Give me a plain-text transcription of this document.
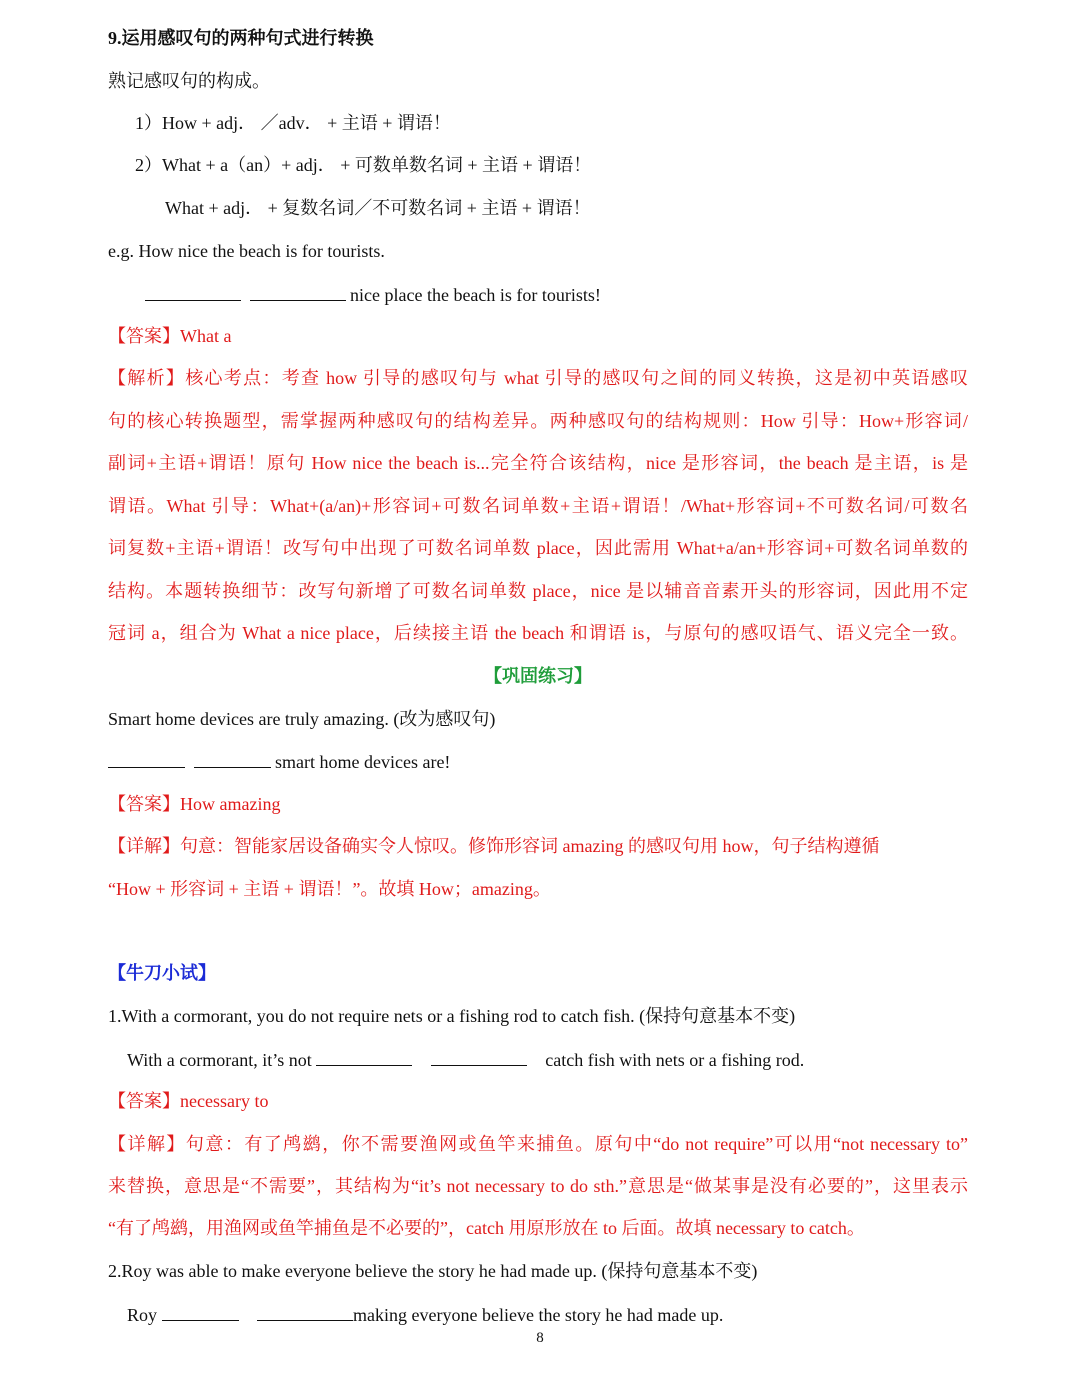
9.运用感叹句的两种句式进行转换
熟记感叹句的构成。
1）How + adj． ／adv． + 主语 + 谓语！
2）What + a（an）+ adj． + 可数单数名词 + 主语 + 谓语！
What + adj． + 复数名词／不可数名词 + 主语 + 谓语！
e.g. How nice the beach is for tourists.
nice place the beach is for tourists!
【答案】What a
【解析】核心考点：考查 how 引导的感叹句与 what 引导的感叹句之间的同义转换，这是初中英语感叹
句的核心转换题型，需掌握两种感叹句的结构差异。两种感叹句的结构规则：How 引导：How+形容词/
副词+主语+谓语！原句 How nice the beach is...完全符合该结构，nice 是形容词，the beach 是主语，is 是
谓语。What 引导：What+(a/an)+形容词+可数名词单数+主语+谓语！/What+形容词+不可数名词/可数名
词复数+主语+谓语！改写句中出现了可数名词单数 place，因此需用 What+a/an+形容词+可数名词单数的
结构。本题转换细节：改写句新增了可数名词单数 place，nice 是以辅音音素开头的形容词，因此用不定
冠词 a，组合为 What a nice place，后续接主语 the beach 和谓语 is，与原句的感叹语气、语义完全一致。
【巩固练习】
Smart home devices are truly amazing. (改为感叹句)
smart home devices are!
【答案】How amazing
【详解】句意：智能家居设备确实令人惊叹。修饰形容词 amazing 的感叹句用 how，句子结构遵循
“How + 形容词 + 主语 + 谓语！”。故填 How；amazing。
【牛刀小试】
1.With a cormorant, you do not require nets or a fishing rod to catch fish. (保持句意基本不变)
With a cormorant, it’s not	catch fish with nets or a fishing rod.
【答案】necessary to
【详解】句意：有了鸬鹚，你不需要渔网或鱼竿来捕鱼。原句中“do not require”可以用“not necessary to”
来替换，意思是“不需要”，其结构为“it’s not necessary to do sth.”意思是“做某事是没有必要的”，这里表示
“有了鸬鹚，用渔网或鱼竿捕鱼是不必要的”，catch 用原形放在 to 后面。故填 necessary to catch。
2.Roy was able to make everyone believe the story he had made up. (保持句意基本不变)
Roy	making everyone believe the story he had made up.
8
